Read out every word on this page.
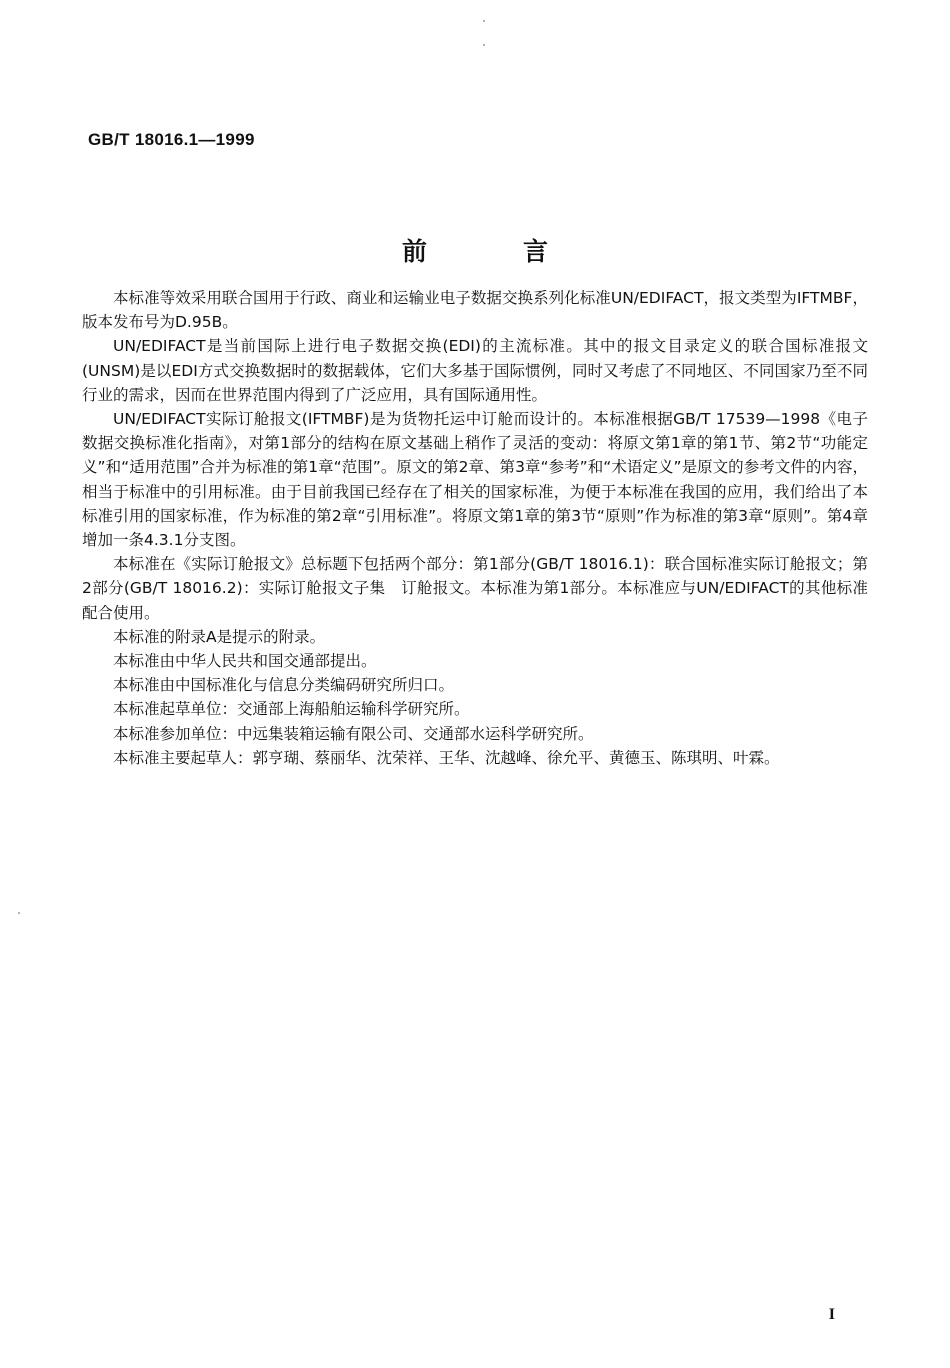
GB/T 18016.1—1999
前	言

本标准等效采用联合国用于行政、商业和运输业电子数据交换系列化标准UN/EDIFACT，报文类型为IFTMBF，版本发布号为D.95B。

UN/EDIFACT是当前国际上进行电子数据交换(EDI)的主流标准。其中的报文目录定义的联合国标准报文(UNSM)是以EDI方式交换数据时的数据载体，它们大多基于国际惯例，同时又考虑了不同地区、不同国家乃至不同行业的需求，因而在世界范围内得到了广泛应用，具有国际通用性。

UN/EDIFACT实际订舱报文(IFTMBF)是为货物托运中订舱而设计的。本标准根据GB/T 17539—1998《电子数据交换标准化指南》，对第1部分的结构在原文基础上稍作了灵活的变动：将原文第1章的第1节、第2节“功能定义”和“适用范围”合并为标准的第1章“范围”。原文的第2章、第3章“参考”和“术语定义”是原文的参考文件的内容，相当于标准中的引用标准。由于目前我国已经存在了相关的国家标准，为便于本标准在我国的应用，我们给出了本标准引用的国家标准，作为标准的第2章“引用标准”。将原文第1章的第3节“原则”作为标准的第3章“原则”。第4章增加一条4.3.1分支图。

本标准在《实际订舱报文》总标题下包括两个部分：第1部分(GB/T 18016.1)：联合国标准实际订舱报文；第2部分(GB/T 18016.2)：实际订舱报文子集　订舱报文。本标准为第1部分。本标准应与UN/EDIFACT的其他标准配合使用。

本标准的附录A是提示的附录。

本标准由中华人民共和国交通部提出。

本标准由中国标准化与信息分类编码研究所归口。

本标准起草单位：交通部上海船舶运输科学研究所。

本标准参加单位：中远集装箱运输有限公司、交通部水运科学研究所。

本标准主要起草人：郭亨瑚、蔡丽华、沈荣祥、王华、沈越峰、徐允平、黄德玉、陈琪明、叶霖。

I
